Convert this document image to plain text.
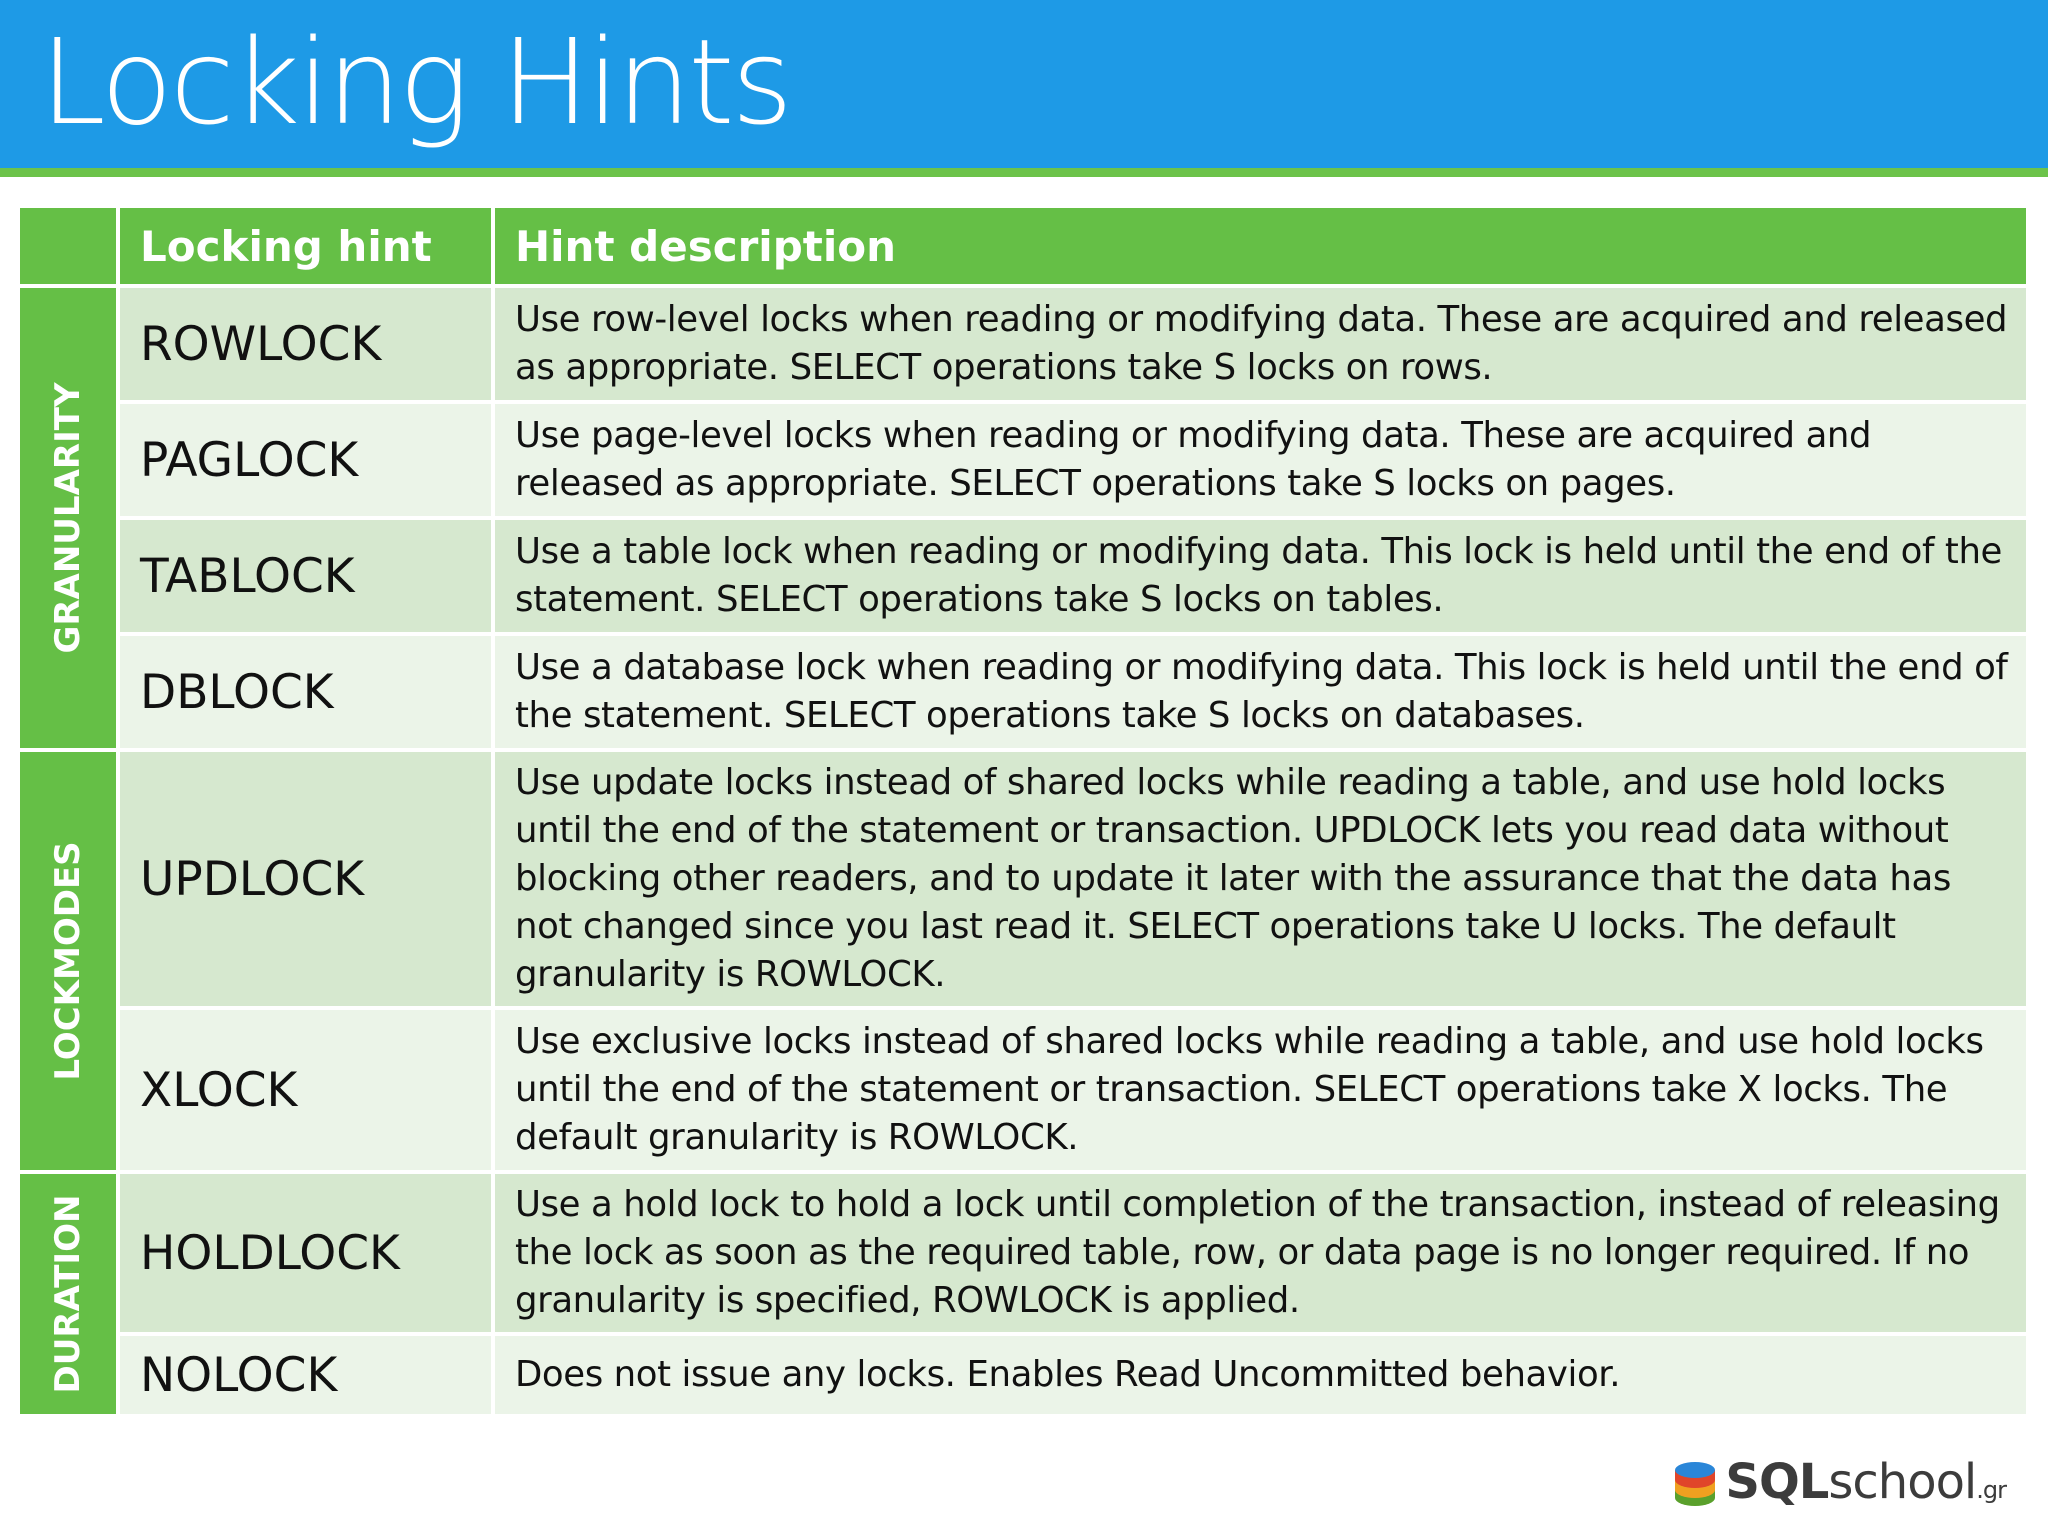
Locking Hints
	Locking hint	Hint description

GRANULARITY	ROWLOCK	Use row-level locks when reading or modifying data. These are acquired and released as appropriate. SELECT operations take S locks on rows.
	PAGLOCK	Use page-level locks when reading or modifying data. These are acquired and released as appropriate. SELECT operations take S locks on pages.
	TABLOCK	Use a table lock when reading or modifying data. This lock is held until the end of the statement. SELECT operations take S locks on tables.
	DBLOCK	Use a database lock when reading or modifying data. This lock is held until the end of the statement. SELECT operations take S locks on databases.

LOCKMODES	UPDLOCK	Use update locks instead of shared locks while reading a table, and use hold locks until the end of the statement or transaction. UPDLOCK lets you read data without blocking other readers, and to update it later with the assurance that the data has not changed since you last read it. SELECT operations take U locks. The default granularity is ROWLOCK.
	XLOCK	Use exclusive locks instead of shared locks while reading a table, and use hold locks until the end of the statement or transaction. SELECT operations take X locks. The default granularity is ROWLOCK.

DURATION	HOLDLOCK	Use a hold lock to hold a lock until completion of the transaction, instead of releasing the lock as soon as the required table, row, or data page is no longer required. If no granularity is specified, ROWLOCK is applied.
	NOLOCK	Does not issue any locks. Enables Read Uncommitted behavior.
SQLschool.gr
